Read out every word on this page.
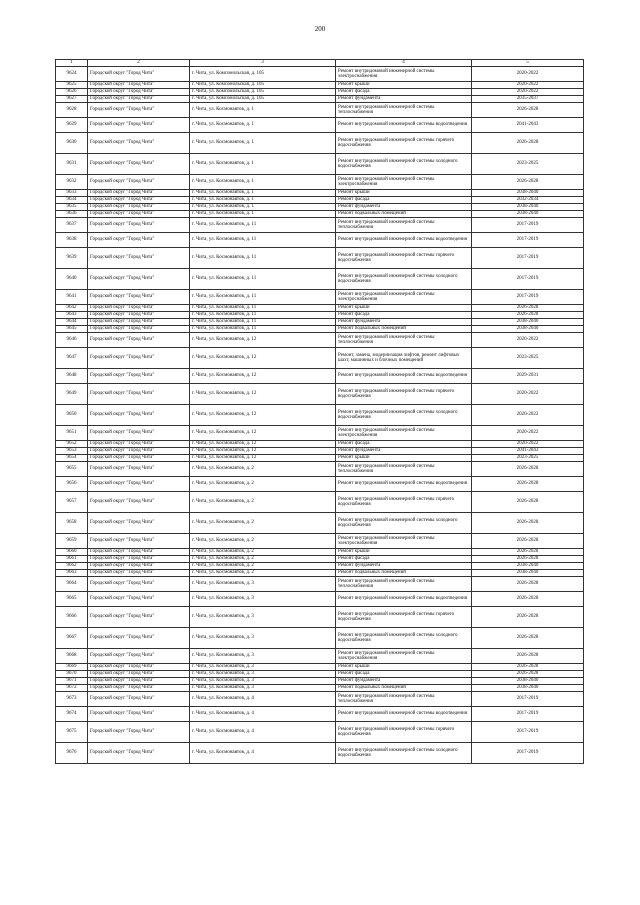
200
1	2	3	4	5
9624	Городской округ "Город Чита"	г. Чита, ул. Комсомольская, д. 105	Ремонт внутридомовой инженерной системы электроснабжения	2020-2022
9625	Городской округ "Город Чита"	г. Чита, ул. Комсомольская, д. 105	Ремонт крыши	2020-2022
9626	Городской округ "Город Чита"	г. Чита, ул. Комсомольская, д. 105	Ремонт фасада	2020-2022
9627	Городской округ "Город Чита"	г. Чита, ул. Комсомольская, д. 105	Ремонт фундамента	2035-2037
9628	Городской округ "Город Чита"	г. Чита, ул. Космонавтов, д. 1	Ремонт внутридомовой инженерной системы теплоснабжения	2026-2028
9629	Городской округ "Город Чита"	г. Чита, ул. Космонавтов, д. 1	Ремонт внутридомовой инженерной системы водоотведения	2041-2043
9630	Городской округ "Город Чита"	г. Чита, ул. Космонавтов, д. 1	Ремонт внутридомовой инженерной системы горячего водоснабжения	2026-2028
9631	Городской округ "Город Чита"	г. Чита, ул. Космонавтов, д. 1	Ремонт внутридомовой инженерной системы холодного водоснабжения	2023-2025
9632	Городской округ "Город Чита"	г. Чита, ул. Космонавтов, д. 1	Ремонт внутридомовой инженерной системы электроснабжения	2026-2028
9633	Городской округ "Город Чита"	г. Чита, ул. Космонавтов, д. 1	Ремонт крыши	2038-2040
9634	Городской округ "Город Чита"	г. Чита, ул. Космонавтов, д. 1	Ремонт фасада	2032-2034
9635	Городской округ "Город Чита"	г. Чита, ул. Космонавтов, д. 1	Ремонт фундамента	2038-2040
9636	Городской округ "Город Чита"	г. Чита, ул. Космонавтов, д. 1	Ремонт подвальных помещений	2038-2040
9637	Городской округ "Город Чита"	г. Чита, ул. Космонавтов, д. 11	Ремонт внутридомовой инженерной системы теплоснабжения	2017-2019
9638	Городской округ "Город Чита"	г. Чита, ул. Космонавтов, д. 11	Ремонт внутридомовой инженерной системы водоотведения	2017-2019
9639	Городской округ "Город Чита"	г. Чита, ул. Космонавтов, д. 11	Ремонт внутридомовой инженерной системы горячего водоснабжения	2017-2019
9640	Городской округ "Город Чита"	г. Чита, ул. Космонавтов, д. 11	Ремонт внутридомовой инженерной системы холодного водоснабжения	2017-2019
9641	Городской округ "Город Чита"	г. Чита, ул. Космонавтов, д. 11	Ремонт внутридомовой инженерной системы электроснабжения	2017-2019
9642	Городской округ "Город Чита"	г. Чита, ул. Космонавтов, д. 11	Ремонт крыши	2026-2028
9643	Городской округ "Город Чита"	г. Чита, ул. Космонавтов, д. 11	Ремонт фасада	2026-2028
9644	Городской округ "Город Чита"	г. Чита, ул. Космонавтов, д. 11	Ремонт фундамента	2038-2040
9645	Городской округ "Город Чита"	г. Чита, ул. Космонавтов, д. 11	Ремонт подвальных помещений	2038-2040
9646	Городской округ "Город Чита"	г. Чита, ул. Космонавтов, д. 12	Ремонт внутридомовой инженерной системы теплоснабжения	2020-2022
9647	Городской округ "Город Чита"	г. Чита, ул. Космонавтов, д. 12	Ремонт, замена, модернизация лифтов, ремонт лифтовых шахт, машинных и блочных помещений	2023-2025
9648	Городской округ "Город Чита"	г. Чита, ул. Космонавтов, д. 12	Ремонт внутридомовой инженерной системы водоотведения	2029-2031
9649	Городской округ "Город Чита"	г. Чита, ул. Космонавтов, д. 12	Ремонт внутридомовой инженерной системы горячего водоснабжения	2020-2022
9650	Городской округ "Город Чита"	г. Чита, ул. Космонавтов, д. 12	Ремонт внутридомовой инженерной системы холодного водоснабжения	2020-2022
9651	Городской округ "Город Чита"	г. Чита, ул. Космонавтов, д. 12	Ремонт внутридомовой инженерной системы электроснабжения	2020-2022
9652	Городской округ "Город Чита"	г. Чита, ул. Космонавтов, д. 12	Ремонт фасада	2020-2022
9653	Городской округ "Город Чита"	г. Чита, ул. Космонавтов, д. 12	Ремонт фундамента	2041-2043
9654	Городской округ "Город Чита"	г. Чита, ул. Космонавтов, д. 12	Ремонт крыши	2023-2025
9655	Городской округ "Город Чита"	г. Чита, ул. Космонавтов, д. 2	Ремонт внутридомовой инженерной системы теплоснабжения	2026-2028
9656	Городской округ "Город Чита"	г. Чита, ул. Космонавтов, д. 2	Ремонт внутридомовой инженерной системы водоотведения	2026-2028
9657	Городской округ "Город Чита"	г. Чита, ул. Космонавтов, д. 2	Ремонт внутридомовой инженерной системы горячего водоснабжения	2026-2028
9658	Городской округ "Город Чита"	г. Чита, ул. Космонавтов, д. 2	Ремонт внутридомовой инженерной системы холодного водоснабжения	2026-2028
9659	Городской округ "Город Чита"	г. Чита, ул. Космонавтов, д. 2	Ремонт внутридомовой инженерной системы электроснабжения	2026-2028
9660	Городской округ "Город Чита"	г. Чита, ул. Космонавтов, д. 2	Ремонт крыши	2026-2028
9661	Городской округ "Город Чита"	г. Чита, ул. Космонавтов, д. 2	Ремонт фасада	2026-2028
9662	Городской округ "Город Чита"	г. Чита, ул. Космонавтов, д. 2	Ремонт фундамента	2038-2040
9663	Городской округ "Город Чита"	г. Чита, ул. Космонавтов, д. 2	Ремонт подвальных помещений	2038-2040
9664	Городской округ "Город Чита"	г. Чита, ул. Космонавтов, д. 3	Ремонт внутридомовой инженерной системы теплоснабжения	2026-2028
9665	Городской округ "Город Чита"	г. Чита, ул. Космонавтов, д. 3	Ремонт внутридомовой инженерной системы водоотведения	2026-2028
9666	Городской округ "Город Чита"	г. Чита, ул. Космонавтов, д. 3	Ремонт внутридомовой инженерной системы горячего водоснабжения	2026-2028
9667	Городской округ "Город Чита"	г. Чита, ул. Космонавтов, д. 3	Ремонт внутридомовой инженерной системы холодного водоснабжения	2026-2028
9668	Городской округ "Город Чита"	г. Чита, ул. Космонавтов, д. 3	Ремонт внутридомовой инженерной системы электроснабжения	2026-2028
9669	Городской округ "Город Чита"	г. Чита, ул. Космонавтов, д. 3	Ремонт крыши	2026-2028
9670	Городской округ "Город Чита"	г. Чита, ул. Космонавтов, д. 3	Ремонт фасада	2026-2028
9671	Городской округ "Город Чита"	г. Чита, ул. Космонавтов, д. 3	Ремонт фундамента	2038-2040
9672	Городской округ "Город Чита"	г. Чита, ул. Космонавтов, д. 3	Ремонт подвальных помещений	2038-2040
9673	Городской округ "Город Чита"	г. Чита, ул. Космонавтов, д. 4	Ремонт внутридомовой инженерной системы теплоснабжения	2017-2019
9674	Городской округ "Город Чита"	г. Чита, ул. Космонавтов, д. 4	Ремонт внутридомовой инженерной системы водоотведения	2017-2019
9675	Городской округ "Город Чита"	г. Чита, ул. Космонавтов, д. 4	Ремонт внутридомовой инженерной системы горячего водоснабжения	2017-2019
9676	Городской округ "Город Чита"	г. Чита, ул. Космонавтов, д. 4	Ремонт внутридомовой инженерной системы холодного водоснабжения	2017-2019
